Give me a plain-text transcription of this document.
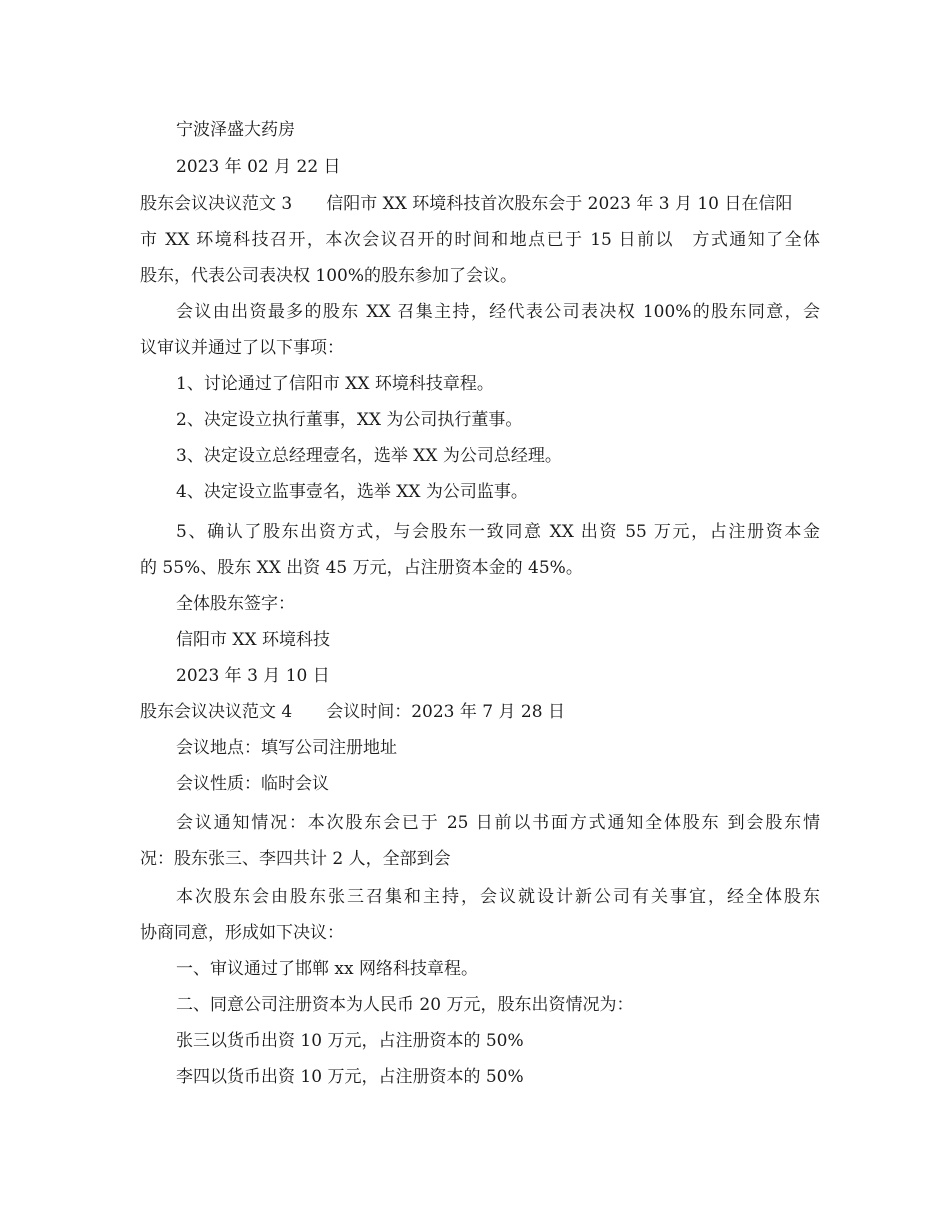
宁波泽盛大药房
2023 年 02 月 22 日
股东会议决议范文 3 信阳市 XX 环境科技首次股东会于 2023 年 3 月 10 日在信阳
市 XX 环境科技召开，本次会议召开的时间和地点已于 15 日前以　方式通知了全体
股东，代表公司表决权 100%的股东参加了会议。
会议由出资最多的股东 XX 召集主持，经代表公司表决权 100%的股东同意，会
议审议并通过了以下事项：
1、讨论通过了信阳市 XX 环境科技章程。
2、决定设立执行董事，XX 为公司执行董事。
3、决定设立总经理壹名，选举 XX 为公司总经理。
4、决定设立监事壹名，选举 XX 为公司监事。
5、确认了股东出资方式，与会股东一致同意 XX 出资 55 万元，占注册资本金
的 55%、股东 XX 出资 45 万元，占注册资本金的 45%。
全体股东签字：
信阳市 XX 环境科技
2023 年 3 月 10 日
股东会议决议范文 4 会议时间：2023 年 7 月 28 日
会议地点：填写公司注册地址
会议性质：临时会议
会议通知情况：本次股东会已于 25 日前以书面方式通知全体股东 到会股东情
况：股东张三、李四共计 2 人，全部到会
本次股东会由股东张三召集和主持，会议就设计新公司有关事宜，经全体股东
协商同意，形成如下决议：
一、审议通过了邯郸 xx 网络科技章程。
二、同意公司注册资本为人民币 20 万元，股东出资情况为：
张三以货币出资 10 万元，占注册资本的 50%
李四以货币出资 10 万元，占注册资本的 50%
